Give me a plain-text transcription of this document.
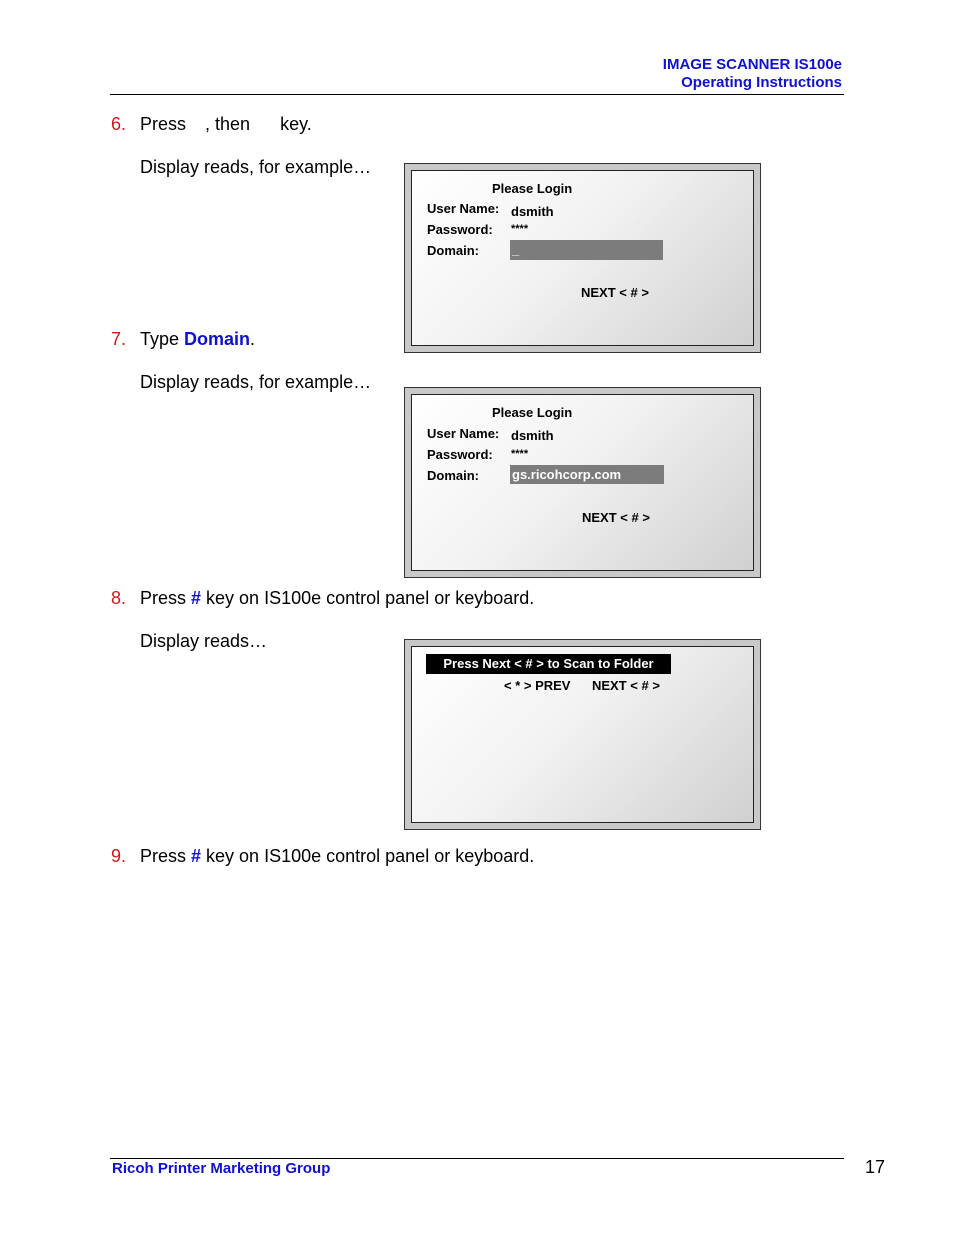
IMAGE SCANNER IS100e
Operating Instructions
6. Press , then  key.
Display reads, for example…
Please Login
User Name: dsmith
Password: ****
Domain:	_
NEXT < # >
7. Type Domain.
Display reads, for example…
Please Login
User Name: dsmith
Password: ****
Domain:	gs.ricohcorp.com
NEXT < # >
8. Press # key on IS100e control panel or keyboard.
Display reads…
Press Next < # > to Scan to Folder
< * > PREV NEXT < # >
9. Press # key on IS100e control panel or keyboard.
Ricoh Printer Marketing Group	17
